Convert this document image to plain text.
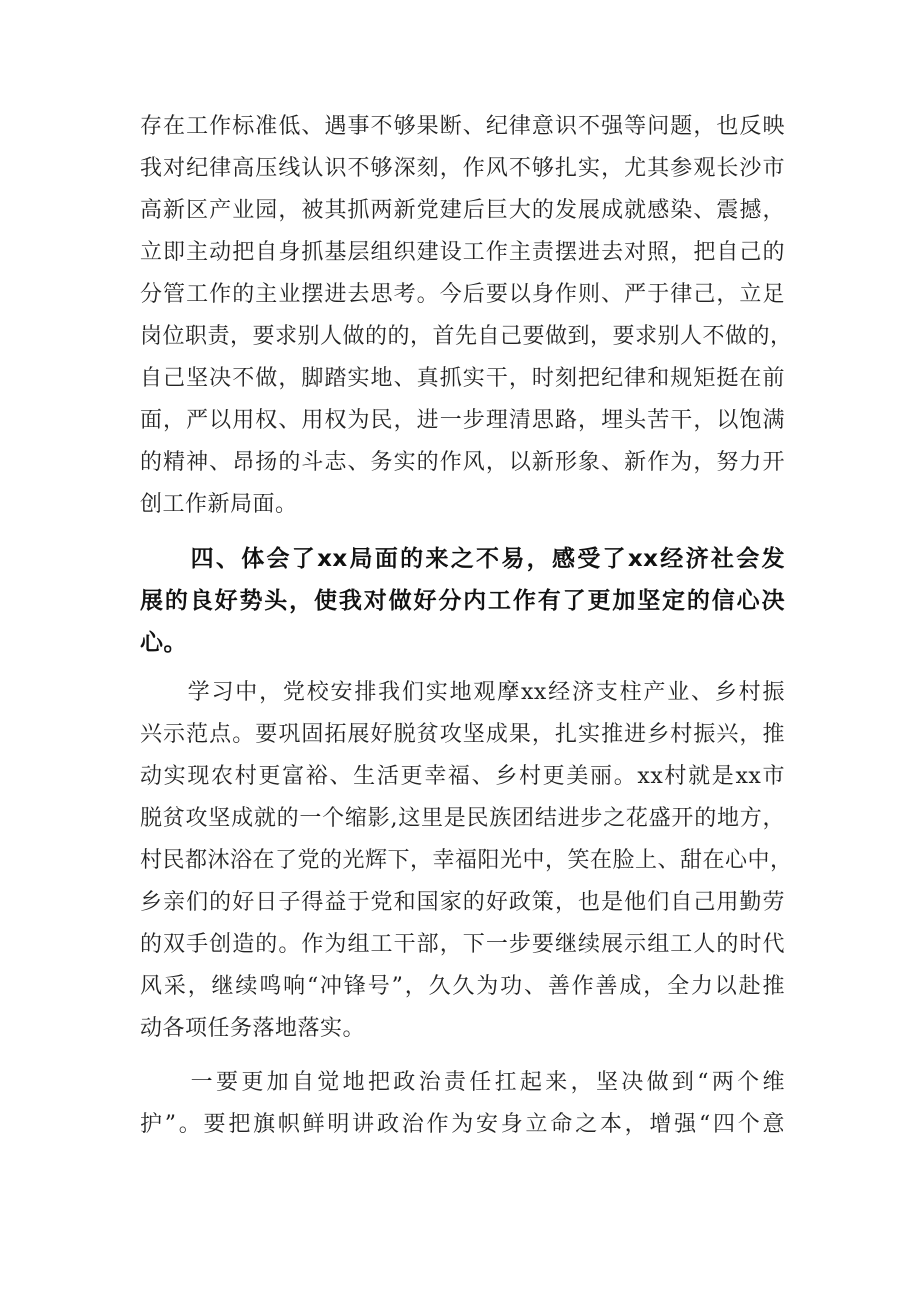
存在工作标准低、遇事不够果断、纪律意识不强等问题，也反映
我对纪律高压线认识不够深刻，作风不够扎实，尤其参观长沙市
高新区产业园，被其抓两新党建后巨大的发展成就感染、震撼，
立即主动把自身抓基层组织建设工作主责摆进去对照，把自己的
分管工作的主业摆进去思考。今后要以身作则、严于律己，立足
岗位职责，要求别人做的的，首先自己要做到，要求别人不做的，
自己坚决不做，脚踏实地、真抓实干，时刻把纪律和规矩挺在前
面，严以用权、用权为民，进一步理清思路，埋头苦干，以饱满
的精神、昂扬的斗志、务实的作风，以新形象、新作为，努力开
创工作新局面。
　　四、体会了xx局面的来之不易，感受了xx经济社会发
展的良好势头，使我对做好分内工作有了更加坚定的信心决
心。
　　学习中，党校安排我们实地观摩xx经济支柱产业、乡村振
兴示范点。要巩固拓展好脱贫攻坚成果，扎实推进乡村振兴，推
动实现农村更富裕、生活更幸福、乡村更美丽。xx村就是xx市
脱贫攻坚成就的一个缩影,这里是民族团结进步之花盛开的地方，
村民都沐浴在了党的光辉下，幸福阳光中，笑在脸上、甜在心中，
乡亲们的好日子得益于党和国家的好政策，也是他们自己用勤劳
的双手创造的。作为组工干部，下一步要继续展示组工人的时代
风采，继续鸣响“冲锋号”，久久为功、善作善成，全力以赴推
动各项任务落地落实。
　　一要更加自觉地把政治责任扛起来，坚决做到“两个维
护”。要把旗帜鲜明讲政治作为安身立命之本，增强“四个意
